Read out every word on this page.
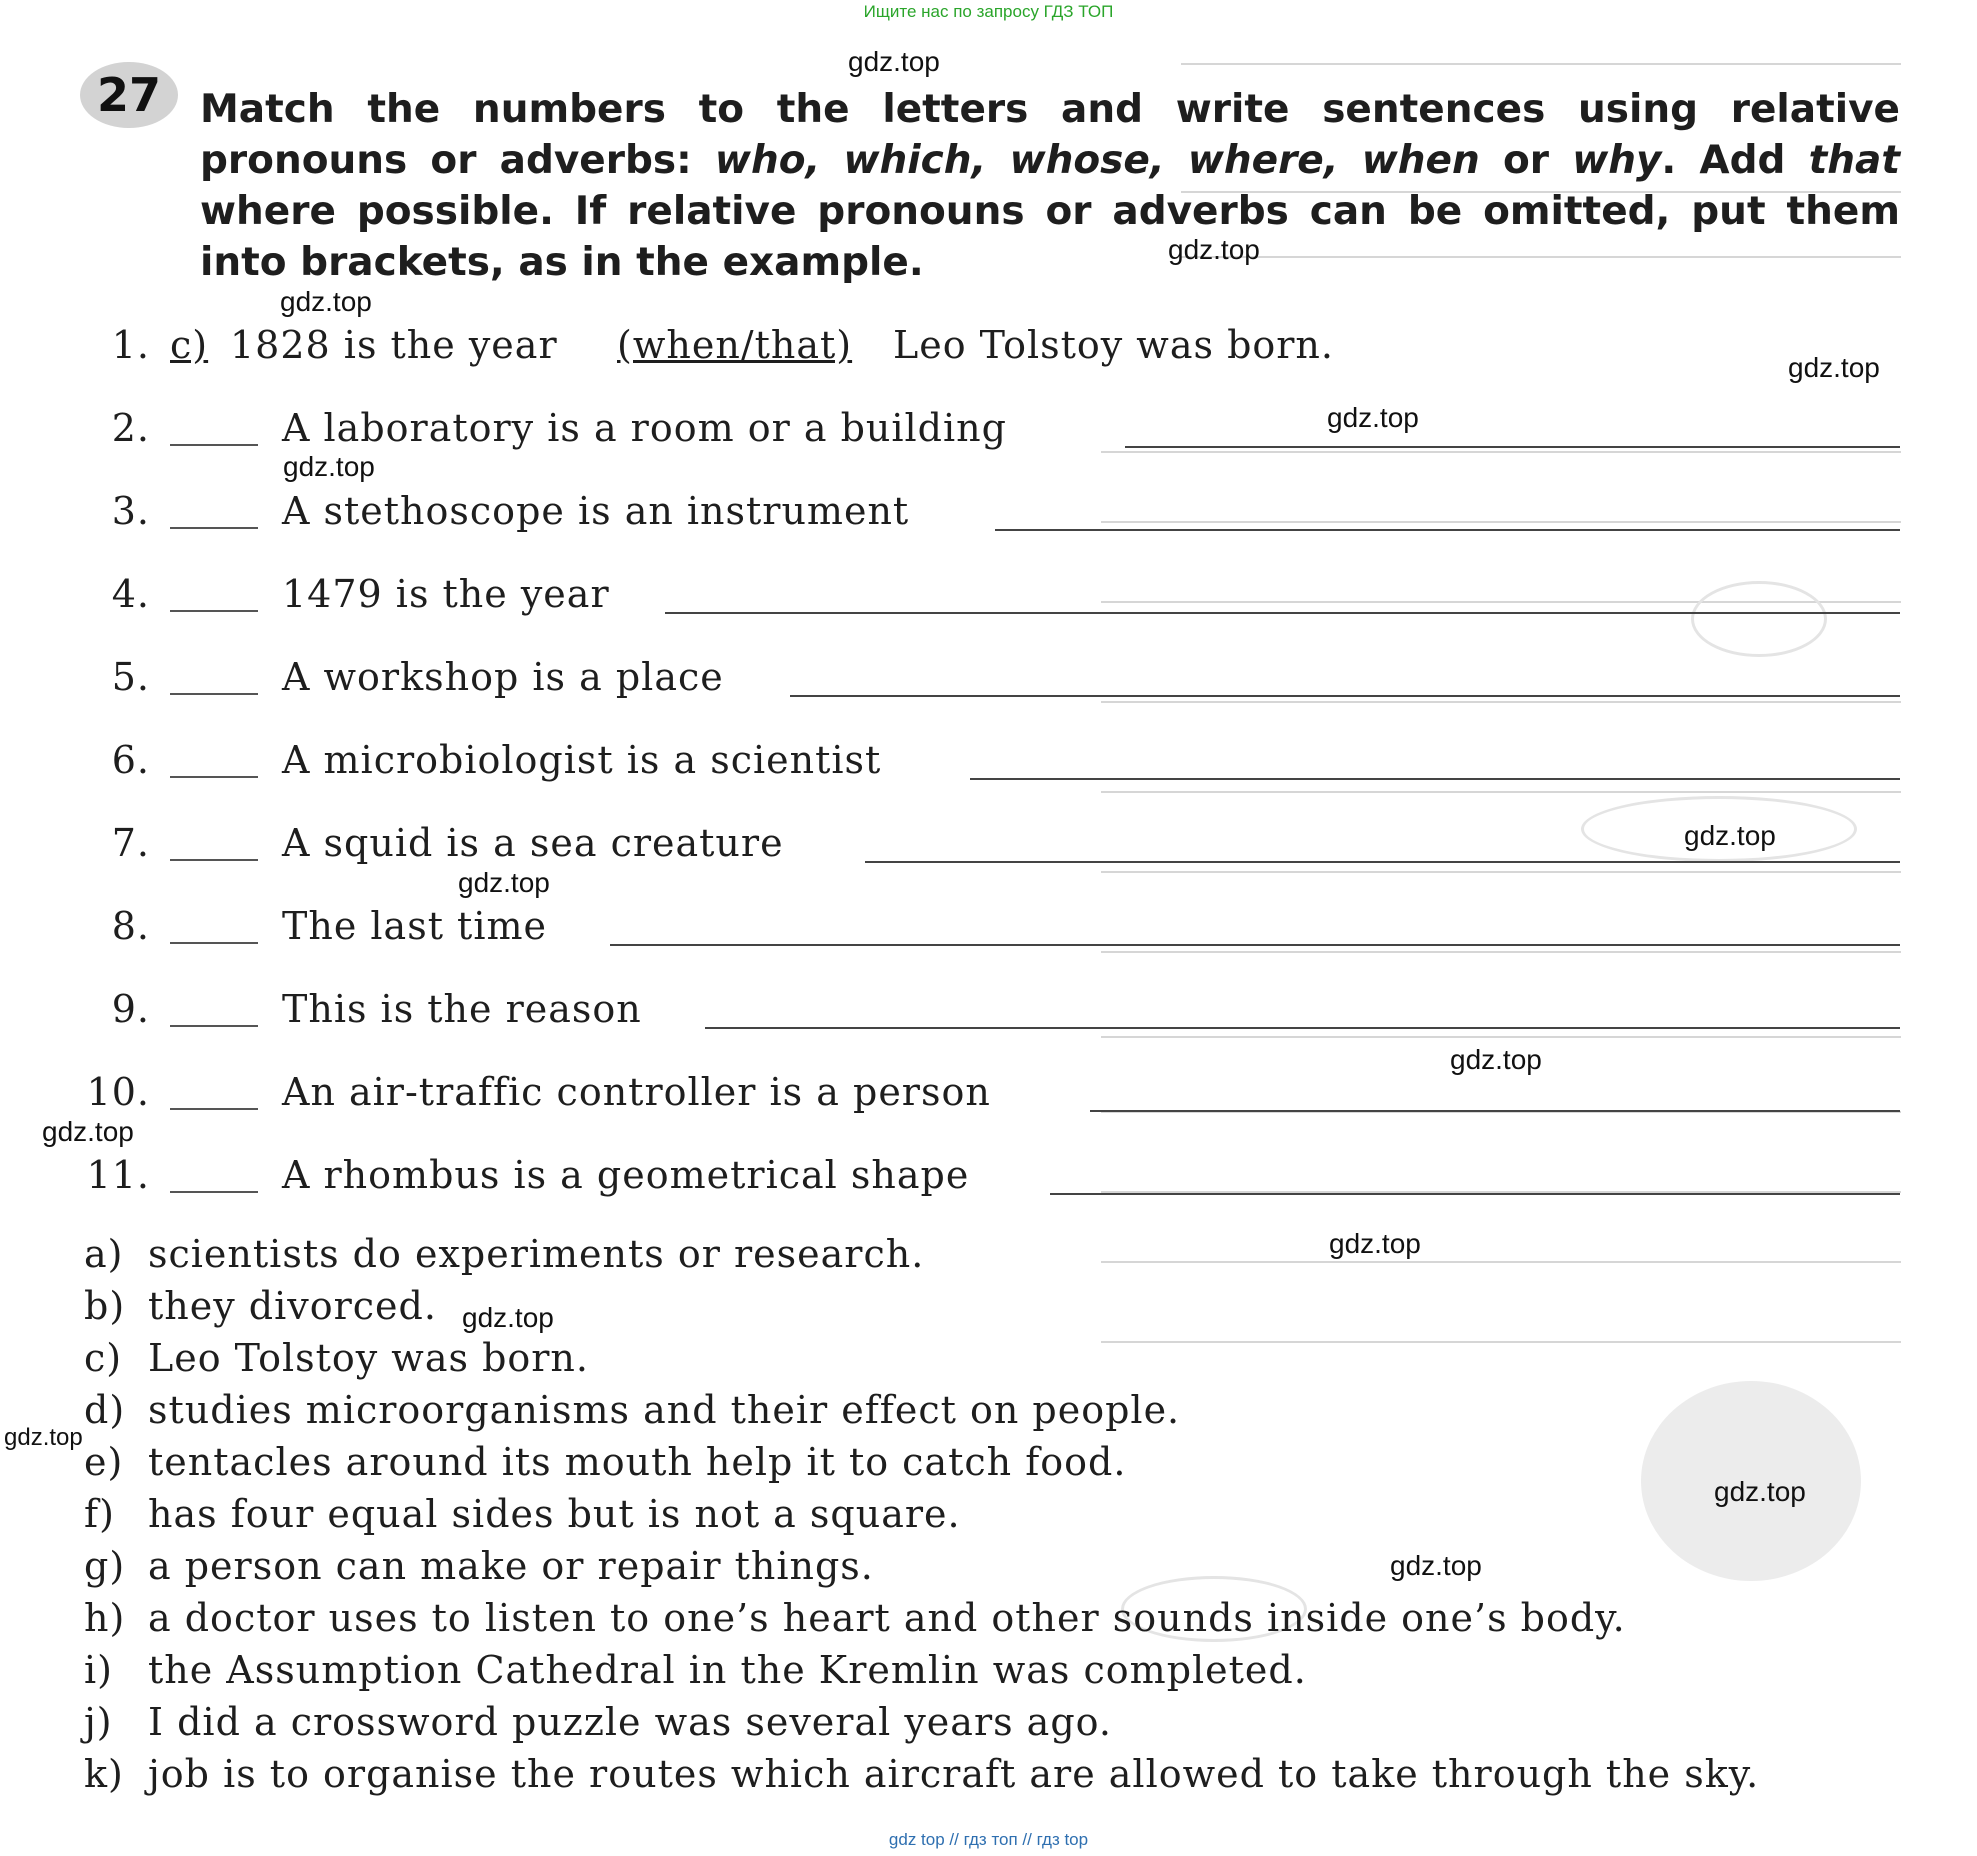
Ищите нас по запросу ГДЗ ТОП
27	Match the numbers to the letters and write sentences using relative pronouns or adverbs: who, which, whose, where, when or why. Add that where possible. If relative pronouns or adverbs can be omitted, put them into brackets, as in the example.
1. c) 1828 is the year (when/that) Leo Tolstoy was born.
2.	A laboratory is a room or a building
3.	A stethoscope is an instrument
4.	1479 is the year
5.	A workshop is a place
6.	A microbiologist is a scientist
7.	A squid is a sea creature
8.	The last time
9.	This is the reason
10.	An air-traffic controller is a person
11.	A rhombus is a geometrical shape
a) scientists do experiments or research.
b) they divorced.
c) Leo Tolstoy was born.
d) studies microorganisms and their effect on people.
e) tentacles around its mouth help it to catch food.
f) has four equal sides but is not a square.
g) a person can make or repair things.
h) a doctor uses to listen to one’s heart and other sounds inside one’s body.
i) the Assumption Cathedral in the Kremlin was completed.
j) I did a crossword puzzle was several years ago.
k) job is to organise the routes which aircraft are allowed to take through the sky.
gdz.top
gdz.top
gdz.top
gdz.top
gdz.top
gdz.top
gdz.top
gdz.top
gdz.top
gdz.top
gdz.top
gdz.top
gdz.top
gdz.top
gdz.top
gdz top // гдз топ // гдз top
